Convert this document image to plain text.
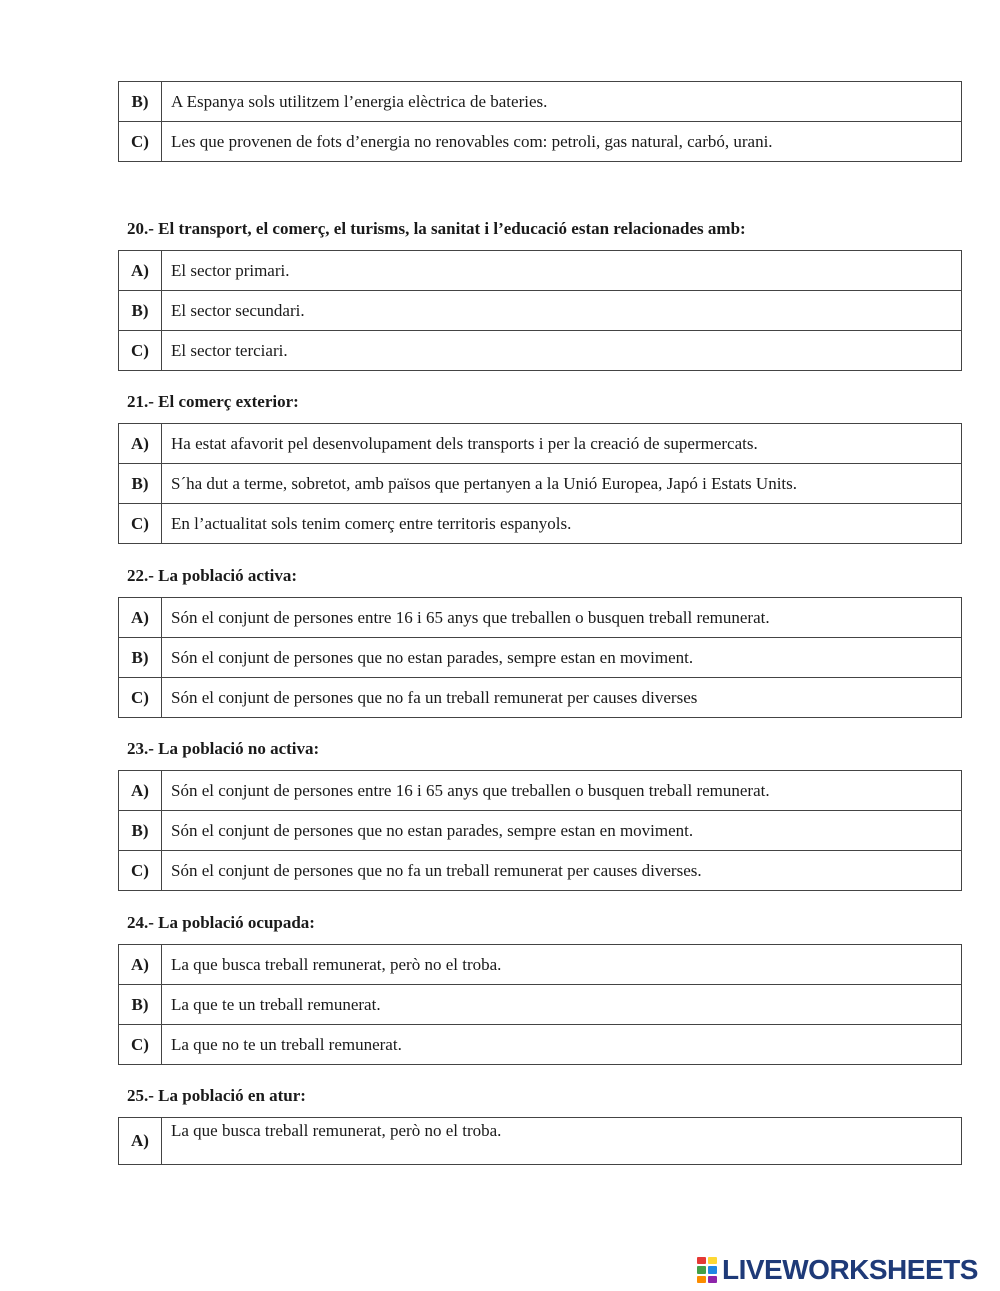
B)	A Espanya sols utilitzem l’energia elèctrica de bateries.
C)	Les que provenen de fots d’energia no renovables com: petroli, gas natural, carbó, urani.
20.- El transport, el comerç, el turisms, la sanitat i l’educació estan relacionades amb:
A)	El sector primari.
B)	El sector secundari.
C)	El sector terciari.
21.- El comerç exterior:
A)	Ha estat afavorit pel desenvolupament dels transports i per la creació de supermercats.
B)	S´ha dut a terme, sobretot, amb països que pertanyen a la Unió Europea, Japó i Estats Units.
C)	En l’actualitat sols tenim comerç entre territoris espanyols.
22.- La població activa:
A)	Són el conjunt de persones entre 16 i 65 anys que treballen o busquen treball remunerat.
B)	Són el conjunt de persones que no estan parades, sempre estan en moviment.
C)	Són el conjunt de persones que no fa un treball remunerat per causes diverses
23.- La població no activa:
A)	Són el conjunt de persones entre 16 i 65 anys que treballen o busquen treball remunerat.
B)	Són el conjunt de persones que no estan parades, sempre estan en moviment.
C)	Són el conjunt de persones que no fa un treball remunerat per causes diverses.
24.- La població ocupada:
A)	La que busca treball remunerat, però no el troba.
B)	La que te un treball remunerat.
C)	La que no te un treball remunerat.
25.- La població en atur:
A)	La que busca treball remunerat, però no el troba.
LIVEWORKSHEETS
